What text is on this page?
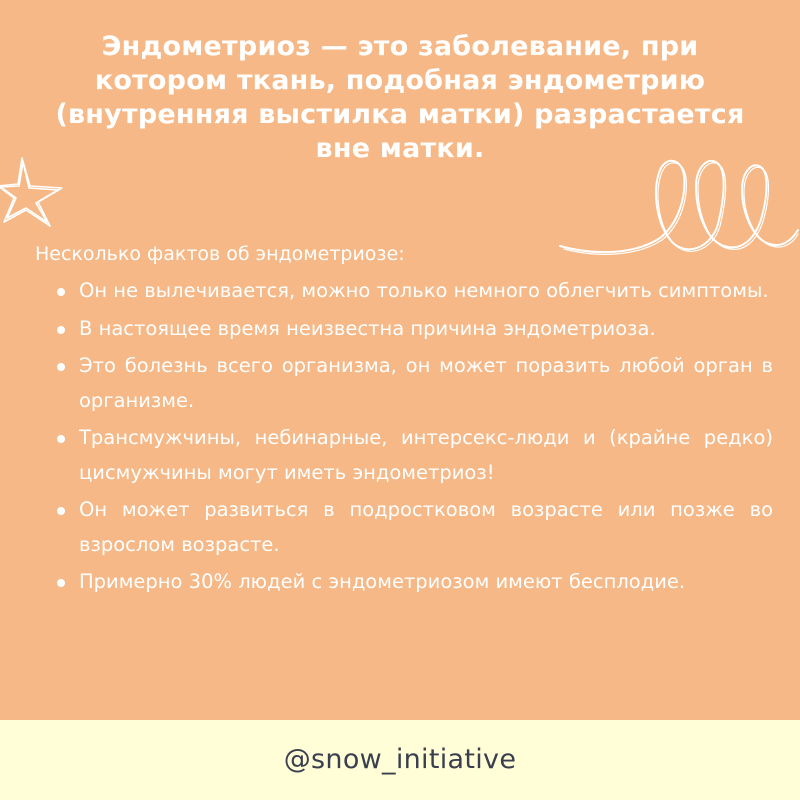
Эндометриоз — это заболевание, при
котором ткань, подобная эндометрию
(внутренняя выстилка матки) разрастается
вне матки.
Несколько фактов об эндометриозе:
Он не вылечивается, можно только немного облегчить симптомы.
В настоящее время неизвестна причина эндометриоза.
Это болезнь всего организма, он может поразить любой орган в организме.
Трансмужчины, небинарные, интерсекс-люди и (крайне редко) цисмужчины могут иметь эндометриоз!
Он может развиться в подростковом возрасте или позже во взрослом возрасте.
Примерно 30% людей с эндометриозом имеют бесплодие.
@snow_initiative
